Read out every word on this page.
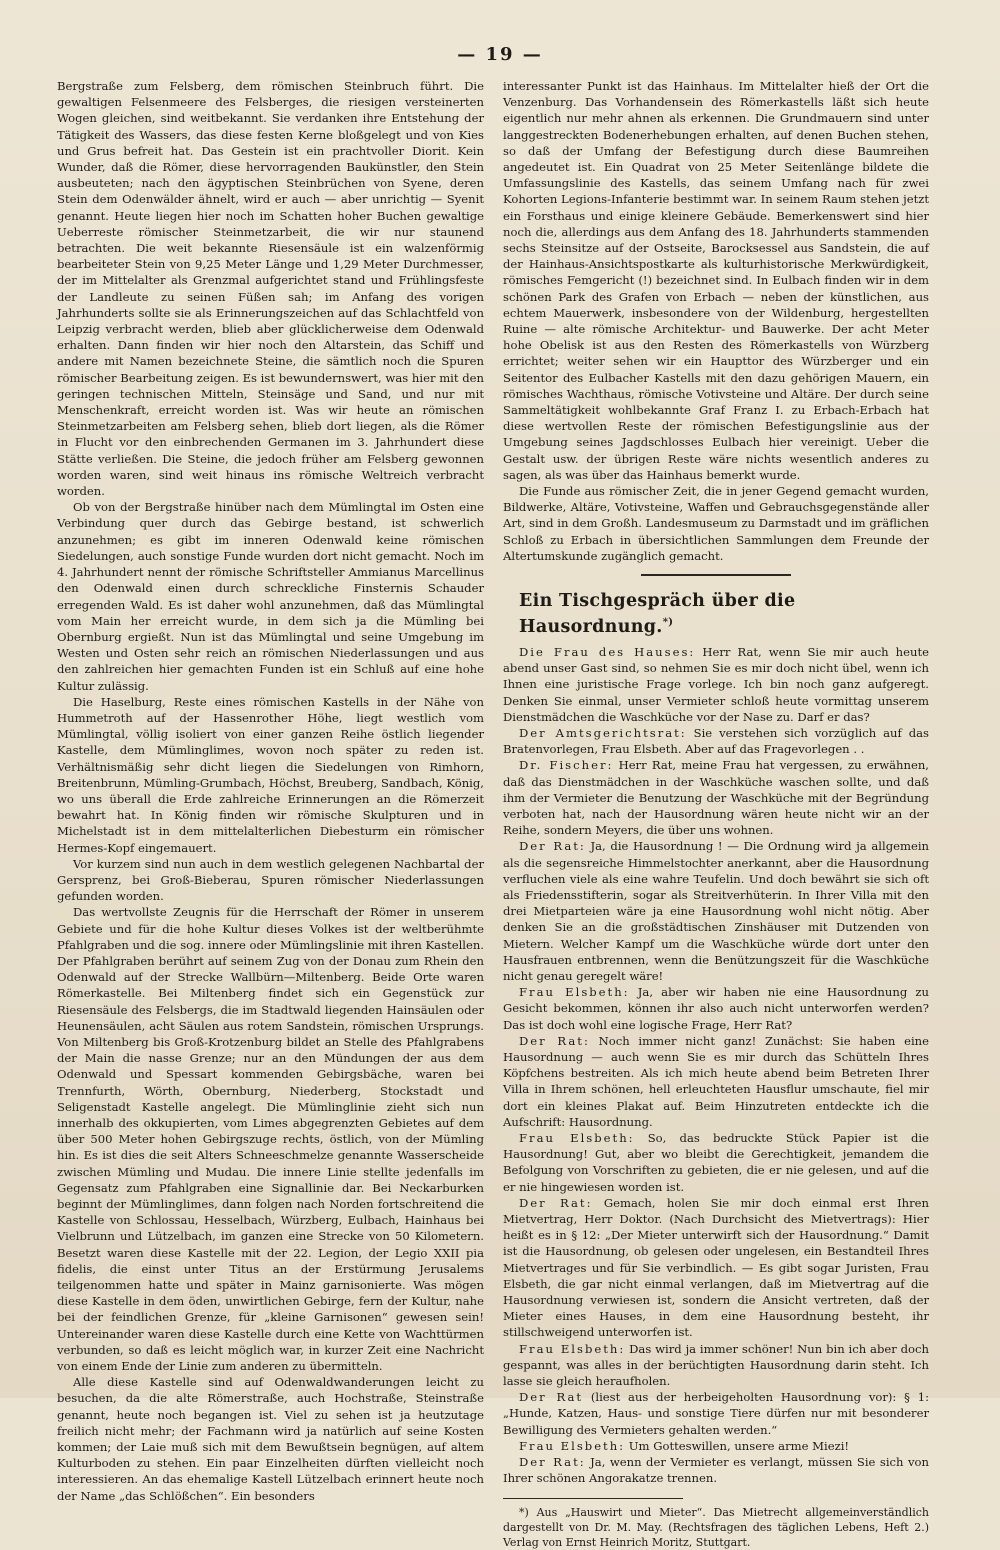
— 19 —

Bergstraße zum Felsberg, dem römischen Steinbruch führt. Die gewaltigen Felsenmeere des Felsberges, die riesigen versteinerten Wogen gleichen, sind weitbekannt. Sie verdanken ihre Entstehung der Tätigkeit des Wassers, das diese festen Kerne bloßgelegt und von Kies und Grus befreit hat. Das Gestein ist ein prachtvoller Diorit. Kein Wunder, daß die Römer, diese hervorragenden Baukünstler, den Stein ausbeuteten; nach den ägyptischen Steinbrüchen von Syene, deren Stein dem Odenwälder ähnelt, wird er auch — aber unrichtig — Syenit genannt. Heute liegen hier noch im Schatten hoher Buchen gewaltige Ueberreste römischer Steinmetzarbeit, die wir nur staunend betrachten. Die weit bekannte Riesensäule ist ein walzenförmig bearbeiteter Stein von 9,25 Meter Länge und 1,29 Meter Durchmesser, der im Mittelalter als Grenzmal aufgerichtet stand und Frühlingsfeste der Landleute zu seinen Füßen sah; im Anfang des vorigen Jahrhunderts sollte sie als Erinnerungszeichen auf das Schlachtfeld von Leipzig verbracht werden, blieb aber glücklicherweise dem Odenwald erhalten. Dann finden wir hier noch den Altarstein, das Schiff und andere mit Namen bezeichnete Steine, die sämtlich noch die Spuren römischer Bearbeitung zeigen. Es ist bewundernswert, was hier mit den geringen technischen Mitteln, Steinsäge und Sand, und nur mit Menschenkraft, erreicht worden ist. Was wir heute an römischen Steinmetzarbeiten am Felsberg sehen, blieb dort liegen, als die Römer in Flucht vor den einbrechenden Germanen im 3. Jahrhundert diese Stätte verließen. Die Steine, die jedoch früher am Felsberg gewonnen worden waren, sind weit hinaus ins römische Weltreich verbracht worden.

Ob von der Bergstraße hinüber nach dem Mümlingtal im Osten eine Verbindung quer durch das Gebirge bestand, ist schwerlich anzunehmen; es gibt im inneren Odenwald keine römischen Siedelungen, auch sonstige Funde wurden dort nicht gemacht. Noch im 4. Jahrhundert nennt der römische Schriftsteller Ammianus Marcellinus den Odenwald einen durch schreckliche Finsternis Schauder erregenden Wald. Es ist daher wohl anzunehmen, daß das Mümlingtal vom Main her erreicht wurde, in dem sich ja die Mümling bei Obernburg ergießt. Nun ist das Mümlingtal und seine Umgebung im Westen und Osten sehr reich an römischen Niederlassungen und aus den zahlreichen hier gemachten Funden ist ein Schluß auf eine hohe Kultur zulässig.

Die Haselburg, Reste eines römischen Kastells in der Nähe von Hummetroth auf der Hassenrother Höhe, liegt westlich vom Mümlingtal, völlig isoliert von einer ganzen Reihe östlich liegender Kastelle, dem Mümlinglimes, wovon noch später zu reden ist. Verhältnismäßig sehr dicht liegen die Siedelungen von Rimhorn, Breitenbrunn, Mümling-Grumbach, Höchst, Breuberg, Sandbach, König, wo uns überall die Erde zahlreiche Erinnerungen an die Römerzeit bewahrt hat. In König finden wir römische Skulpturen und in Michelstadt ist in dem mittelalterlichen Diebesturm ein römischer Hermes-Kopf eingemauert.

Vor kurzem sind nun auch in dem westlich gelegenen Nachbartal der Gersprenz, bei Groß-Bieberau, Spuren römischer Niederlassungen gefunden worden.

Das wertvollste Zeugnis für die Herrschaft der Römer in unserem Gebiete und für die hohe Kultur dieses Volkes ist der weltberühmte Pfahlgraben und die sog. innere oder Mümlingslinie mit ihren Kastellen. Der Pfahlgraben berührt auf seinem Zug von der Donau zum Rhein den Odenwald auf der Strecke Wallbürn—Miltenberg. Beide Orte waren Römerkastelle. Bei Miltenberg findet sich ein Gegenstück zur Riesensäule des Felsbergs, die im Stadtwald liegenden Hainsäulen oder Heunensäulen, acht Säulen aus rotem Sandstein, römischen Ursprungs. Von Miltenberg bis Groß-Krotzenburg bildet an Stelle des Pfahlgrabens der Main die nasse Grenze; nur an den Mündungen der aus dem Odenwald und Spessart kommenden Gebirgsbäche, waren bei Trennfurth, Wörth, Obernburg, Niederberg, Stockstadt und Seligenstadt Kastelle angelegt. Die Mümlinglinie zieht sich nun innerhalb des okkupierten, vom Limes abgegrenzten Gebietes auf dem über 500 Meter hohen Gebirgszuge rechts, östlich, von der Mümling hin. Es ist dies die seit Alters Schneeschmelze genannte Wasserscheide zwischen Mümling und Mudau. Die innere Linie stellte jedenfalls im Gegensatz zum Pfahlgraben eine Signallinie dar. Bei Neckarburken beginnt der Mümlinglimes, dann folgen nach Norden fortschreitend die Kastelle von Schlossau, Hesselbach, Würzberg, Eulbach, Hainhaus bei Vielbrunn und Lützelbach, im ganzen eine Strecke von 50 Kilometern. Besetzt waren diese Kastelle mit der 22. Legion, der Legio XXII pia fidelis, die einst unter Titus an der Erstürmung Jerusalems teilgenommen hatte und später in Mainz garnisonierte. Was mögen diese Kastelle in dem öden, unwirtlichen Gebirge, fern der Kultur, nahe bei der feindlichen Grenze, für „kleine Garnisonen“ gewesen sein! Untereinander waren diese Kastelle durch eine Kette von Wachttürmen verbunden, so daß es leicht möglich war, in kurzer Zeit eine Nachricht von einem Ende der Linie zum anderen zu übermitteln.

Alle diese Kastelle sind auf Odenwaldwanderungen leicht zu besuchen, da die alte Römerstraße, auch Hochstraße, Steinstraße genannt, heute noch begangen ist. Viel zu sehen ist ja heutzutage freilich nicht mehr; der Fachmann wird ja natürlich auf seine Kosten kommen; der Laie muß sich mit dem Bewußtsein begnügen, auf altem Kulturboden zu stehen. Ein paar Einzelheiten dürften vielleicht noch interessieren. An das ehemalige Kastell Lützelbach erinnert heute noch der Name „das Schlößchen“. Ein besonders

interessanter Punkt ist das Hainhaus. Im Mittelalter hieß der Ort die Venzenburg. Das Vorhandensein des Römerkastells läßt sich heute eigentlich nur mehr ahnen als erkennen. Die Grundmauern sind unter langgestreckten Bodenerhebungen erhalten, auf denen Buchen stehen, so daß der Umfang der Befestigung durch diese Baumreihen angedeutet ist. Ein Quadrat von 25 Meter Seitenlänge bildete die Umfassungslinie des Kastells, das seinem Umfang nach für zwei Kohorten Legions-Infanterie bestimmt war. In seinem Raum stehen jetzt ein Forsthaus und einige kleinere Gebäude. Bemerkenswert sind hier noch die, allerdings aus dem Anfang des 18. Jahrhunderts stammenden sechs Steinsitze auf der Ostseite, Barocksessel aus Sandstein, die auf der Hainhaus-Ansichtspostkarte als kulturhistorische Merkwürdigkeit, römisches Femgericht (!) bezeichnet sind. In Eulbach finden wir in dem schönen Park des Grafen von Erbach — neben der künstlichen, aus echtem Mauerwerk, insbesondere von der Wildenburg, hergestellten Ruine — alte römische Architektur- und Bauwerke. Der acht Meter hohe Obelisk ist aus den Resten des Römerkastells von Würzberg errichtet; weiter sehen wir ein Haupttor des Würzberger und ein Seitentor des Eulbacher Kastells mit den dazu gehörigen Mauern, ein römisches Wachthaus, römische Votivsteine und Altäre. Der durch seine Sammeltätigkeit wohlbekannte Graf Franz I. zu Erbach-Erbach hat diese wertvollen Reste der römischen Befestigungslinie aus der Umgebung seines Jagdschlosses Eulbach hier vereinigt. Ueber die Gestalt usw. der übrigen Reste wäre nichts wesentlich anderes zu sagen, als was über das Hainhaus bemerkt wurde.

Die Funde aus römischer Zeit, die in jener Gegend gemacht wurden, Bildwerke, Altäre, Votivsteine, Waffen und Gebrauchsgegenstände aller Art, sind in dem Großh. Landesmuseum zu Darmstadt und im gräflichen Schloß zu Erbach in übersichtlichen Sammlungen dem Freunde der Altertumskunde zugänglich gemacht.

Ein Tischgespräch über die Hausordnung.*)

Die Frau des Hauses: Herr Rat, wenn Sie mir auch heute abend unser Gast sind, so nehmen Sie es mir doch nicht übel, wenn ich Ihnen eine juristische Frage vorlege. Ich bin noch ganz aufgeregt. Denken Sie einmal, unser Vermieter schloß heute vormittag unserem Dienstmädchen die Waschküche vor der Nase zu. Darf er das?

Der Amtsgerichtsrat: Sie verstehen sich vorzüglich auf das Bratenvorlegen, Frau Elsbeth. Aber auf das Fragevorlegen . .

Dr. Fischer: Herr Rat, meine Frau hat vergessen, zu erwähnen, daß das Dienstmädchen in der Waschküche waschen sollte, und daß ihm der Vermieter die Benutzung der Waschküche mit der Begründung verboten hat, nach der Hausordnung wären heute nicht wir an der Reihe, sondern Meyers, die über uns wohnen.

Der Rat: Ja, die Hausordnung ! — Die Ordnung wird ja allgemein als die segensreiche Himmelstochter anerkannt, aber die Hausordnung verfluchen viele als eine wahre Teufelin. Und doch bewährt sie sich oft als Friedensstifterin, sogar als Streitverhüterin. In Ihrer Villa mit den drei Mietparteien wäre ja eine Hausordnung wohl nicht nötig. Aber denken Sie an die großstädtischen Zinshäuser mit Dutzenden von Mietern. Welcher Kampf um die Waschküche würde dort unter den Hausfrauen entbrennen, wenn die Benützungszeit für die Waschküche nicht genau geregelt wäre!

Frau Elsbeth: Ja, aber wir haben nie eine Hausordnung zu Gesicht bekommen, können ihr also auch nicht unterworfen werden? Das ist doch wohl eine logische Frage, Herr Rat?

Der Rat: Noch immer nicht ganz! Zunächst: Sie haben eine Hausordnung — auch wenn Sie es mir durch das Schütteln Ihres Köpfchens bestreiten. Als ich mich heute abend beim Betreten Ihrer Villa in Ihrem schönen, hell erleuchteten Hausflur umschaute, fiel mir dort ein kleines Plakat auf. Beim Hinzutreten entdeckte ich die Aufschrift: Hausordnung.

Frau Elsbeth: So, das bedruckte Stück Papier ist die Hausordnung! Gut, aber wo bleibt die Gerechtigkeit, jemandem die Befolgung von Vorschriften zu gebieten, die er nie gelesen, und auf die er nie hingewiesen worden ist.

Der Rat: Gemach, holen Sie mir doch einmal erst Ihren Mietvertrag, Herr Doktor. (Nach Durchsicht des Mietvertrags): Hier heißt es in § 12: „Der Mieter unterwirft sich der Hausordnung.“ Damit ist die Hausordnung, ob gelesen oder ungelesen, ein Bestandteil Ihres Mietvertrages und für Sie verbindlich. — Es gibt sogar Juristen, Frau Elsbeth, die gar nicht einmal verlangen, daß im Mietvertrag auf die Hausordnung verwiesen ist, sondern die Ansicht vertreten, daß der Mieter eines Hauses, in dem eine Hausordnung besteht, ihr stillschweigend unterworfen ist.

Frau Elsbeth: Das wird ja immer schöner! Nun bin ich aber doch gespannt, was alles in der berüchtigten Hausordnung darin steht. Ich lasse sie gleich heraufholen.

Der Rat (liest aus der herbeigeholten Hausordnung vor): § 1: „Hunde, Katzen, Haus- und sonstige Tiere dürfen nur mit besonderer Bewilligung des Vermieters gehalten werden.“

Frau Elsbeth: Um Gotteswillen, unsere arme Miezi!

Der Rat: Ja, wenn der Vermieter es verlangt, müssen Sie sich von Ihrer schönen Angorakatze trennen.

*) Aus „Hauswirt und Mieter“. Das Mietrecht allgemeinverständlich dargestellt von Dr. M. May. (Rechtsfragen des täglichen Lebens, Heft 2.) Verlag von Ernst Heinrich Moritz, Stuttgart.
